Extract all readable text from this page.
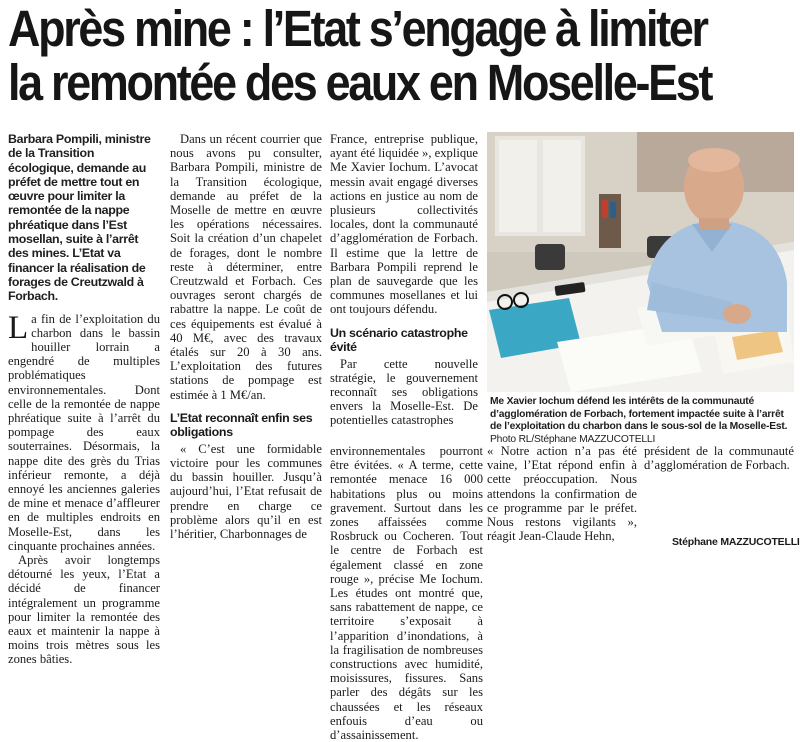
Après mine : l’Etat s’engage à limiter
la remontée des eaux en Moselle-Est
Barbara Pompili, ministre de la Transition écologique, demande au préfet de mettre tout en œuvre pour limiter la remontée de la nappe phréatique dans l’Est mosellan, suite à l’arrêt des mines. L’Etat va financer la réalisation de forages de Creutzwald à Forbach.

La fin de l’exploitation du charbon dans le bassin houiller lorrain a engendré de multiples problématiques environnementales. Dont celle de la remontée de nappe phréatique suite à l’arrêt du pompage des eaux souterraines. Désormais, la nappe dite des grès du Trias inférieur remonte, a déjà ennoyé les anciennes galeries de mine et menace d’affleurer en de multiples endroits en Moselle-Est, dans les cinquante prochaines années.

Après avoir longtemps détourné les yeux, l’Etat a décidé de financer intégralement un programme pour limiter la remontée des eaux et maintenir la nappe à moins trois mètres sous les zones bâties.

Dans un récent courrier que nous avons pu consulter, Barbara Pompili, ministre de la Transition écologique, demande au préfet de la Moselle de mettre en œuvre les opérations nécessaires. Soit la création d’un chapelet de forages, dont le nombre reste à déterminer, entre Creutzwald et Forbach. Ces ouvrages seront chargés de rabattre la nappe. Le coût de ces équipements est évalué à 40 M€, avec des travaux étalés sur 20 à 30 ans. L’exploitation des futures stations de pompage est estimée à 1 M€/an.

L’Etat reconnaît enfin ses obligations

« C’est une formidable victoire pour les communes du bassin houiller. Jusqu’à aujourd’hui, l’Etat refusait de prendre en charge ce problème alors qu’il en est l’héritier, Charbonnages de

France, entreprise publique, ayant été liquidée », explique Me Xavier Iochum. L’avocat messin avait engagé diverses actions en justice au nom de plusieurs collectivités locales, dont la communauté d’agglomération de Forbach. Il estime que la lettre de Barbara Pompili reprend le plan de sauvegarde que les communes mosellanes et lui ont toujours défendu.

Un scénario catastrophe évité

Par cette nouvelle stratégie, le gouvernement reconnaît ses obligations envers la Moselle-Est. De potentielles catastrophes

environnementales pourront être évitées. « A terme, cette remontée menace 16 000 habitations plus ou moins gravement. Surtout dans les zones affaissées comme Rosbruck ou Cocheren. Tout le centre de Forbach est également classé en zone rouge », précise Me Iochum. Les études ont montré que, sans rabattement de nappe, ce territoire s’exposait à l’apparition d’inondations, à la fragilisation de nombreuses constructions avec humidité, moisissures, fissures. Sans parler des dégâts sur les chaussées et les réseaux enfouis d’eau ou d’assainissement.

« Notre action n’a pas été vaine, l’Etat répond enfin à cette préoccupation. Nous attendons la confirmation de ce programme par le préfet. Nous restons vigilants », réagit Jean-Claude Hehn,

président de la communauté d’agglomération de Forbach.

Stéphane MAZZUCOTELLI
Me Xavier Iochum défend les intérêts de la communauté d’agglomération de Forbach, fortement impactée suite à l’arrêt de l’exploitation du charbon dans le sous-sol de la Moselle-Est. Photo RL/Stéphane MAZZUCOTELLI
